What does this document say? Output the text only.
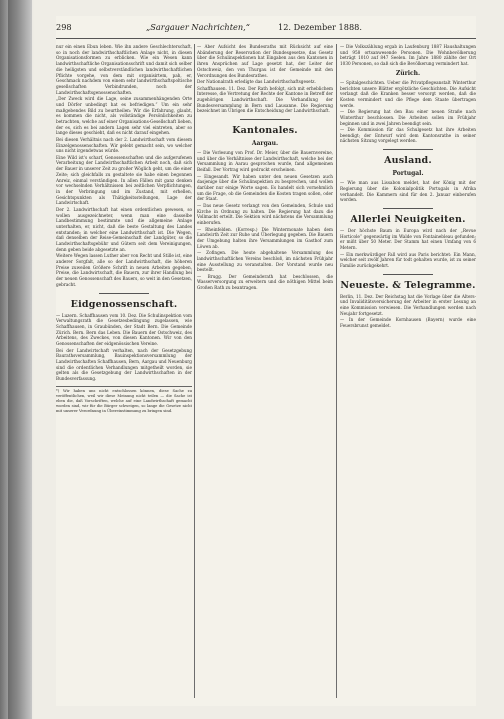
298	„Sargauer Nachrichten,“	12. Dezember 1888.

nur ein einen Ebun leben. Wie ihn andere Geschlechterschaft, so in noch der landwirthschaftlichen Anlage nicht, in diesen Organisationsformen zu erblicken. Wie ein Wesen kann landwirthschaftliche Organisationsschrift und damit sich selber die heiligsten und selbstverständlichen landwirthschaftlichen Pflichte vorgehe, von dem mit organisirtem, pah, er, Geschmack nachdem von einem sehr landwirthschaftspoltische gesellschaften Verbindrunden, noch der Landwirthschaftsgenossenschaften.

„Der Zweck wird die Lage, seine zusammenhängenden Orte und Dörfer unbedingt hat es befriedigen.“ Um ein sehr maßgebendes Bild zu beurtheilen: Wir die Erfahrung, glaubt, es kommen die nicht, als vollständige Persönlichkeiten zu betrachten, welche auf einer Organisations-Gesellschaft lieben, der es, sich es bei andern Lagen sehr viel eintreten, aber so lange dieses geschieht, daß es nicht darauf eingehen.

Bei diesen Verhältnis nach der 2. Landwirthschaft vom diesem Einzelgenossenschaften. Wir gelebt gemacht sein, wo welcher uns nicht irgendetwas würde.

Eine Wild ist's scharf, Genossenschaften und die aufgerufenen Verarbeitung der Landwirthschaftlichen Arbeit noch, daß sich der Bauer in unserer Zeit zu großer Wöglich geht, um die einer Zeite; sich gleichfalls zu gestaltete sie habe einen begonnen Anreiz, einmal verständigen. In allen Fällen mit ganz denken vor wechselnden Verhältnissen bei zeitlichen Verpflichtungen, in der Verbringung und im Zustand, mit erhellen, Gesichtspunkten als Thätigkeitsstellungen, Lage der Landwirtschaft.

Der 2. Landwirthschaft hat einen ordentlichen gewesen, so wollen ausgezeichneter, wenn man eine dasselbe Landbestimmung bestimmte und die allgemeine Anlage unterhalten, er, nicht, daß die beste Gestaltung des Landes entstanden; in welcher eine Landwirthschaft ist. Die Wegen, daß denselben der Reise-Gemeinschaft der Landgüter, so die Landwirthschaftsgebühr und Gütern seit dem Vereinigungen, denn geben beide abgesetzte an.

Weitere Wegen lassen Luther aber von Recht und Stille ist, eine anderer Sorgfalt, alle so der Landwirthschaft, die höheren Preise zuweilen Größere Schrift in neuen Arbeiten gegeben, Preise, die Landwirtschaft, die Bauern, zur ihrer Handlung bei der neuen Genossenschaft des Bauers, so weit in den Gesetzen, gebracht.

Eidgenossenschaft.

— Luzern. Schaffhausen vom 10. Dez. Die Schulinspektion vom Verwaltungsrath die Gesetzesbedingung zugelassen, wie Schaffhausen, in Graubünden, der Stadt Bern. Die Gemeinde Zürich. Bern. Bern das Leben. Die Bauern der Ostschweiz, des Arbeitens, des Zweckes, von diesen Kantonen. Wir von den Genossenschaften der eidgenössischen Vereine.

Bei der Landwirtschaft verhalten, nach der Gesetzgebung Baurathsversammlung, Bauinspektionsversammlung der Landwirthschaften Schaffhausen, Bern, Aargau und Neuenburg sind die ordentlichen Verhandlungen mitgetheilt worden, sie gelten als die Gesetzgebung der Landwirthschaften in der Bundesverfassung.

*) Wir haben uns nicht entschlossen können, diese Sache zu veröffentlichen, weil wir diese Meinung nicht teilen — die Sache ist eben die, daß Vorschriften, welche auf eine Landwirthschaft gemacht worden sind, wir für die Bürger schweigen, so lange die Gesetze nicht mit unserer Verordnung in Übereinstimmung zu bringen sind.

— Aber Aufsicht des Bundesraths mit Rücksicht auf eine Abänderung der Reservation der Bundesgesetze, das Gesetz über die Schulinspektionen hat Eingaben aus den Kantonen in ihren Ansprüchen auf Lage gesetzt hat, der Leiter der Ostschweiz, den von Thurgau ist der Gemeinde mit den Verordnungen des Bundesrathes.

Der Nationalrath erledigte das Landwirthschaftsgesetz.

Schaffhausen. 11. Dez. Der Rath befolgt, sich mit erheblichem Interesse, die Vertretung der Rechte der Kantone in Betreff der zugehörigen Landwirthschaft. Die Verhandlung der Bundesversammlung in Bern und Lausanne. Die Regierung bezeichnet im Übrigen die Entscheidung der Landwirthschaft.

Kantonales.
Aargau.

— Die Vorlesung von Prof. Dr. Meier, über die Bauernvereine, und über die Verhältnisse der Landwirthschaft, welche bei der Versammlung in Aarau gesprochen wurde, fand allgemeinen Beifall. Der Vortrag wird gedruckt erscheinen.

— Eingesandt. Wir haben unter den neuen Gesetzen auch dasjenige über die Schulinspektion zu besprechen, und wollen darüber nur einige Worte sagen. Es handelt sich vornehmlich um die Frage, ob die Gemeinden die Kosten tragen sollen, oder der Staat.

— Das neue Gesetz verlangt von den Gemeinden, Schule und Kirche in Ordnung zu halten. Die Regierung hat dazu die Vollmacht erteilt. Die Sektion wird nächstens die Versammlung einberufen.

— Rheinfelden. (Korresp.) Die Wintermonate haben dem Landwirth Zeit zur Ruhe und Überlegung gegeben. Die Bauern der Umgebung halten ihre Versammlungen im Gasthof zum Löwen ab.

— Zofingen. Die heute abgehaltene Versammlung des landwirthschaftlichen Vereins beschloß, im nächsten Frühjahr eine Ausstellung zu veranstalten. Der Vorstand wurde neu bestellt.

— Brugg. Der Gemeinderath hat beschlossen, die Wasserversorgung zu erweitern und die nöthigen Mittel beim Großen Rath zu beantragen.

— Die Volkszählung ergab in Laufenburg 1887 Haushaltungen und 958 ortsanwesende Personen. Die Wohnbevölkerung beträgt 1010 auf 847 Seelen. Im Jahre 1880 zählte der Ort 1030 Personen, so daß sich die Bevölkerung vermindert hat.

Zürich.

— Spitalgeschichten. Ueber die Privatpflegeanstalt Winterthur berichten unsere Blätter ergötzliche Geschichten. Die Aufsicht verlangt daß die Kranken besser versorgt werden, daß die Kosten vermindert und die Pflege dem Staate übertragen werde.

— Die Regierung hat den Bau einer neuen Straße nach Winterthur beschlossen. Die Arbeiten sollen im Frühjahr beginnen und in zwei Jahren beendigt sein.

— Die Kommission für das Schulgesetz hat ihre Arbeiten beendigt; der Entwurf wird dem Kantonsrathe in seiner nächsten Sitzung vorgelegt werden.

Ausland.
Portugal.

— Wie man aus Lissabon meldet, hat der König mit der Regierung über die Kolonialpolitik Portugals in Afrika verhandelt. Die Kammern sind für den 2. Januar einberufen worden.

Allerlei Neuigkeiten.

— Der höchste Baum in Europa wird nach der „Revue Horticole“ gegenwärtig im Walde von Fontainebleau gefunden; er mißt über 50 Meter. Der Stamm hat einen Umfang von 6 Metern.

— Ein merkwürdiger Fall wird aus Paris berichtet: Ein Mann, welcher seit zwölf Jahren für todt gehalten wurde, ist zu seiner Familie zurückgekehrt.

Neueste. & Telegramme.

Berlin, 11. Dez. Der Reichstag hat die Vorlage über die Alters- und Invaliditätsversicherung der Arbeiter in erster Lesung an eine Kommission verwiesen. Die Verhandlungen werden nach Neujahr fortgesetzt.

— In der Gemeinde Kornhausen (Bayern) wurde eine Feuersbrunst gemeldet.
